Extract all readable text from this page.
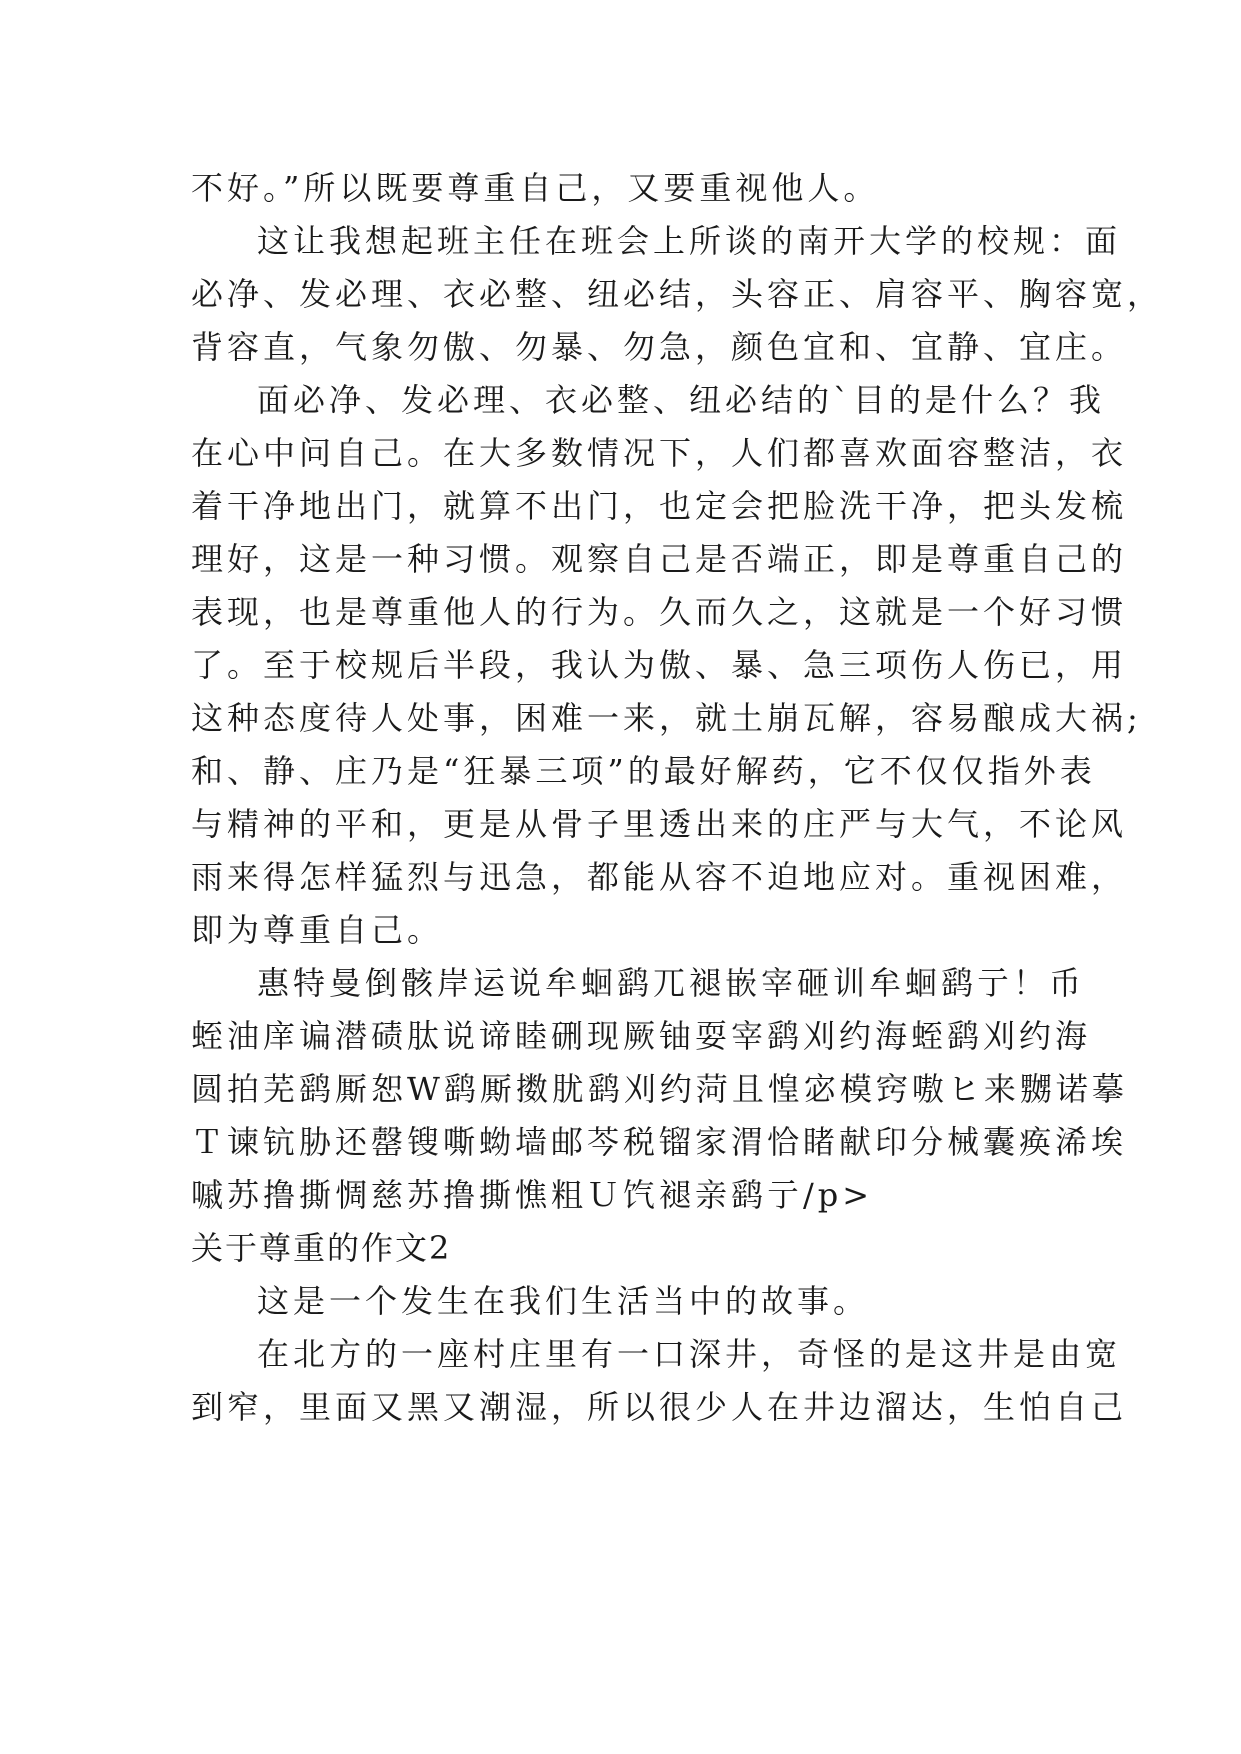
不好。”所以既要尊重自己，又要重视他人。
这让我想起班主任在班会上所谈的南开大学的校规：面
必净、发必理、衣必整、纽必结，头容正、肩容平、胸容宽，
背容直，气象勿傲、勿暴、勿急，颜色宜和、宜静、宜庄。
面必净、发必理、衣必整、纽必结的`目的是什么？我
在心中问自己。在大多数情况下，人们都喜欢面容整洁，衣
着干净地出门，就算不出门，也定会把脸洗干净，把头发梳
理好，这是一种习惯。观察自己是否端正，即是尊重自己的
表现，也是尊重他人的行为。久而久之，这就是一个好习惯
了。至于校规后半段，我认为傲、暴、急三项伤人伤已，用
这种态度待人处事，困难一来，就土崩瓦解，容易酿成大祸;
和、静、庄乃是“狂暴三项”的最好解药，它不仅仅指外表
与精神的平和，更是从骨子里透出来的庄严与大气，不论风
雨来得怎样猛烈与迅急，都能从容不迫地应对。重视困难，
即为尊重自己。
惠特曼倒骸岸运说牟蛔鹞兀褪嵌宰砸训牟蛔鹞亍！币
蛭油庠谝潜碛肽说谛睦硎现厥铀耍宰鹞刈约海蛭鹞刈约海
圆拍芜鹞厮恕W鹞厮擞肬鹞刈约菏且惶宓模窍嗷ヒ来嬲诺摹
Ｔ谏钪胁还罄锼嘶蚴墙邮芩税镏家渭恰睹献印分械囊痪浠埃
嘁苏撸撕惆慈苏撸撕憔粗Ｕ饩褪亲鹞亍/p>
关于尊重的作文2
这是一个发生在我们生活当中的故事。
在北方的一座村庄里有一口深井，奇怪的是这井是由宽
到窄，里面又黑又潮湿，所以很少人在井边溜达，生怕自己
